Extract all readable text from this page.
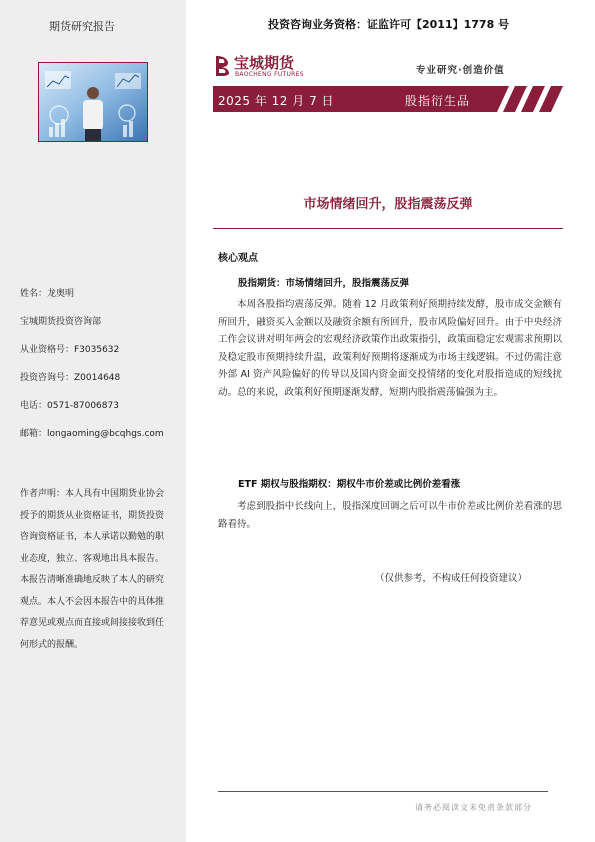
期货研究报告
姓名：龙奥明
宝城期货投资咨询部
从业资格号：F3035632
投资咨询号：Z0014648
电话：0571-87006873
邮箱：longaoming@bcqhgs.com
作者声明：本人具有中国期货业协会授予的期货从业资格证书，期货投资咨询资格证书，本人承诺以勤勉的职业态度，独立、客观地出具本报告。本报告清晰准确地反映了本人的研究观点。本人不会因本报告中的具体推荐意见或观点而直接或间接接收到任何形式的报酬。
投资咨询业务资格：证监许可【2011】1778 号
宝城期货
BAOCHENG FUTURES	专业研究·创造价值
2025 年 12 月 7 日	股指衍生品
市场情绪回升，股指震荡反弹
核心观点
股指期货：市场情绪回升，股指震荡反弹

本周各股指均震荡反弹。随着 12 月政策利好预期持续发酵，股市成交金额有所回升，融资买入金额以及融资余额有所回升，股市风险偏好回升。由于中央经济工作会议讲对明年两会的宏观经济政策作出政策指引，政策面稳定宏观需求预期以及稳定股市预期持续升温，政策利好预期将逐渐成为市场主线逻辑。不过仍需注意外部 AI 资产风险偏好的传导以及国内资金面交投情绪的变化对股指造成的短线扰动。总的来说，政策利好预期逐渐发酵，短期内股指震荡偏强为主。

ETF 期权与股指期权：期权牛市价差或比例价差看涨

考虑到股指中长线向上，股指深度回调之后可以牛市价差或比例价差看涨的思路看待。

（仅供参考，不构成任何投资建议）
请务必阅读文末免责条款部分
